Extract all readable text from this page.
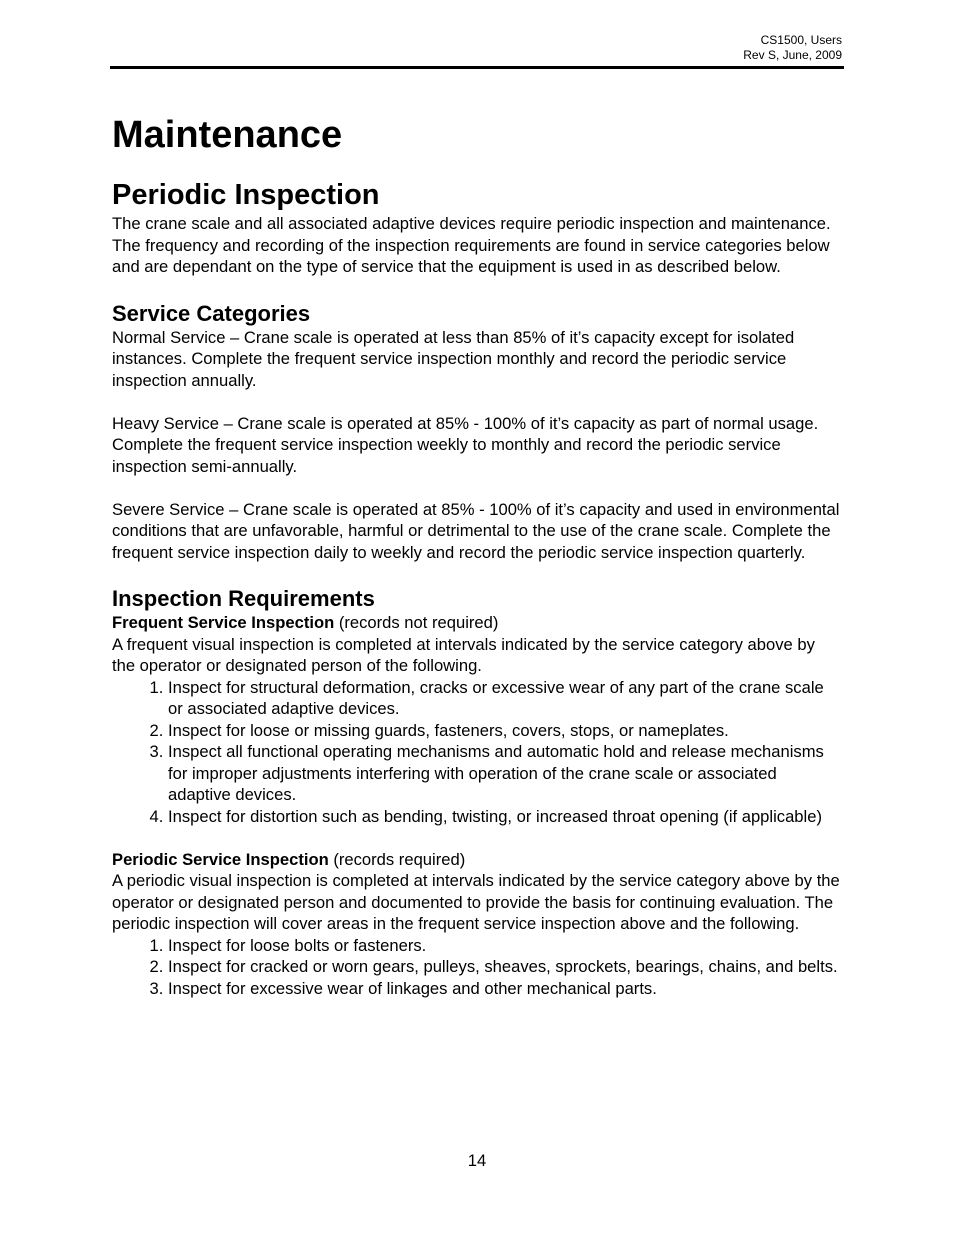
CS1500, Users
Rev S, June, 2009
Maintenance
Periodic Inspection

The crane scale and all associated adaptive devices require periodic inspection and maintenance. The frequency and recording of the inspection requirements are found in service categories below and are dependant on the type of service that the equipment is used in as described below.

Service Categories

Normal Service – Crane scale is operated at less than 85% of it’s capacity except for isolated instances. Complete the frequent service inspection monthly and record the periodic service inspection annually.

Heavy Service – Crane scale is operated at 85% - 100% of it’s capacity as part of normal usage. Complete the frequent service inspection weekly to monthly and record the periodic service inspection semi-annually.

Severe Service – Crane scale is operated at 85% - 100% of it’s capacity and used in environmental conditions that are unfavorable, harmful or detrimental to the use of the crane scale. Complete the frequent service inspection daily to weekly and record the periodic service inspection quarterly.

Inspection Requirements

Frequent Service Inspection (records not required)

A frequent visual inspection is completed at intervals indicated by the service category above by the operator or designated person of the following.

1. Inspect for structural deformation, cracks or excessive wear of any part of the crane scale or associated adaptive devices.
2. Inspect for loose or missing guards, fasteners, covers, stops, or nameplates.
3. Inspect all functional operating mechanisms and automatic hold and release mechanisms for improper adjustments interfering with operation of the crane scale or associated adaptive devices.
4. Inspect for distortion such as bending, twisting, or increased throat opening (if applicable)

Periodic Service Inspection (records required)

A periodic visual inspection is completed at intervals indicated by the service category above by the operator or designated person and documented to provide the basis for continuing evaluation. The periodic inspection will cover areas in the frequent service inspection above and the following.

1. Inspect for loose bolts or fasteners.
2. Inspect for cracked or worn gears, pulleys, sheaves, sprockets, bearings, chains, and belts.
3. Inspect for excessive wear of linkages and other mechanical parts.
14
